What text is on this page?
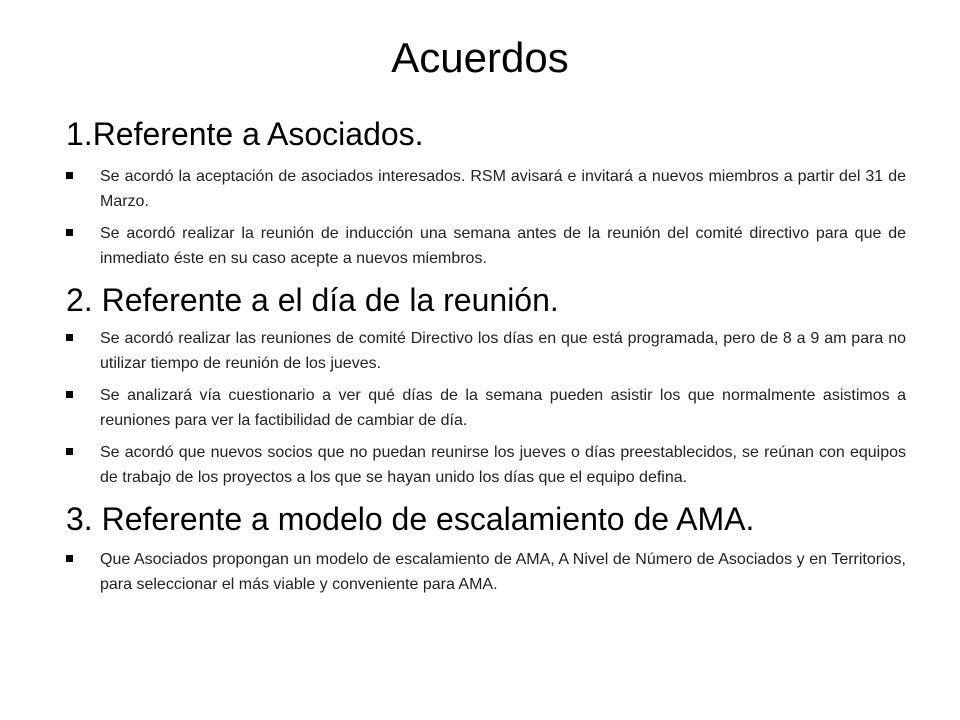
Acuerdos
1.Referente a Asociados.
Se acordó la aceptación de asociados interesados. RSM avisará e invitará a nuevos miembros a partir del 31 de Marzo.
Se acordó realizar la reunión de inducción una semana antes de la reunión del comité directivo para que de inmediato éste en su caso acepte a nuevos miembros.
2. Referente a el día de la reunión.
Se acordó realizar las reuniones de comité Directivo los días en que está programada, pero de 8 a 9 am para no utilizar tiempo de reunión de los jueves.
Se analizará vía cuestionario a ver qué días de la semana pueden asistir los que normalmente asistimos a reuniones para ver la factibilidad de cambiar de día.
Se acordó que nuevos socios que no puedan reunirse los jueves o días preestablecidos, se reúnan con equipos de trabajo de los proyectos a los que se hayan unido los días que el equipo defina.
3. Referente a modelo de escalamiento de AMA.
Que Asociados propongan un modelo de escalamiento de AMA, A Nivel de Número de Asociados y en Territorios, para seleccionar el más viable y conveniente para AMA.
